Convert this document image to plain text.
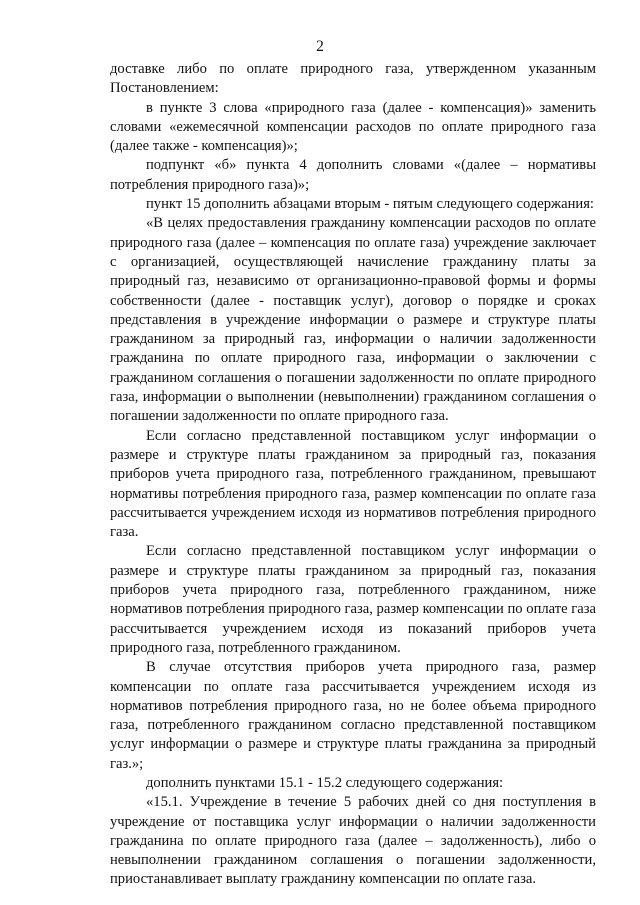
2

доставке либо по оплате природного газа, утвержденном указанным Постановлением:

в пункте 3 слова «природного газа (далее - компенсация)» заменить словами «ежемесячной компенсации расходов по оплате природного газа (далее также - компенсация)»;

подпункт «б» пункта 4 дополнить словами «(далее – нормативы потребления природного газа)»;

пункт 15 дополнить абзацами вторым - пятым следующего содержания:

«В целях предоставления гражданину компенсации расходов по оплате природного газа (далее – компенсация по оплате газа) учреждение заключает с организацией, осуществляющей начисление гражданину платы за природный газ, независимо от организационно-правовой формы и формы собственности (далее - поставщик услуг), договор о порядке и сроках представления в учреждение информации о размере и структуре платы гражданином за природный газ, информации о наличии задолженности гражданина по оплате природного газа, информации о заключении с гражданином соглашения о погашении задолженности по оплате природного газа, информации о выполнении (невыполнении) гражданином соглашения о погашении задолженности по оплате природного газа.

Если согласно представленной поставщиком услуг информации о размере и структуре платы гражданином за природный газ, показания приборов учета природного газа, потребленного гражданином, превышают нормативы потребления природного газа, размер компенсации по оплате газа рассчитывается учреждением исходя из нормативов потребления природного газа.

Если согласно представленной поставщиком услуг информации о размере и структуре платы гражданином за природный газ, показания приборов учета природного газа, потребленного гражданином, ниже нормативов потребления природного газа, размер компенсации по оплате газа рассчитывается учреждением исходя из показаний приборов учета природного газа, потребленного гражданином.

В случае отсутствия приборов учета природного газа, размер компенсации по оплате газа рассчитывается учреждением исходя из нормативов потребления природного газа, но не более объема природного газа, потребленного гражданином согласно представленной поставщиком услуг информации о размере и структуре платы гражданина за природный газ.»;

дополнить пунктами 15.1 - 15.2 следующего содержания:

«15.1. Учреждение в течение 5 рабочих дней со дня поступления в учреждение от поставщика услуг информации о наличии задолженности гражданина по оплате природного газа (далее – задолженность), либо о невыполнении гражданином соглашения о погашении задолженности, приостанавливает выплату гражданину компенсации по оплате газа.
